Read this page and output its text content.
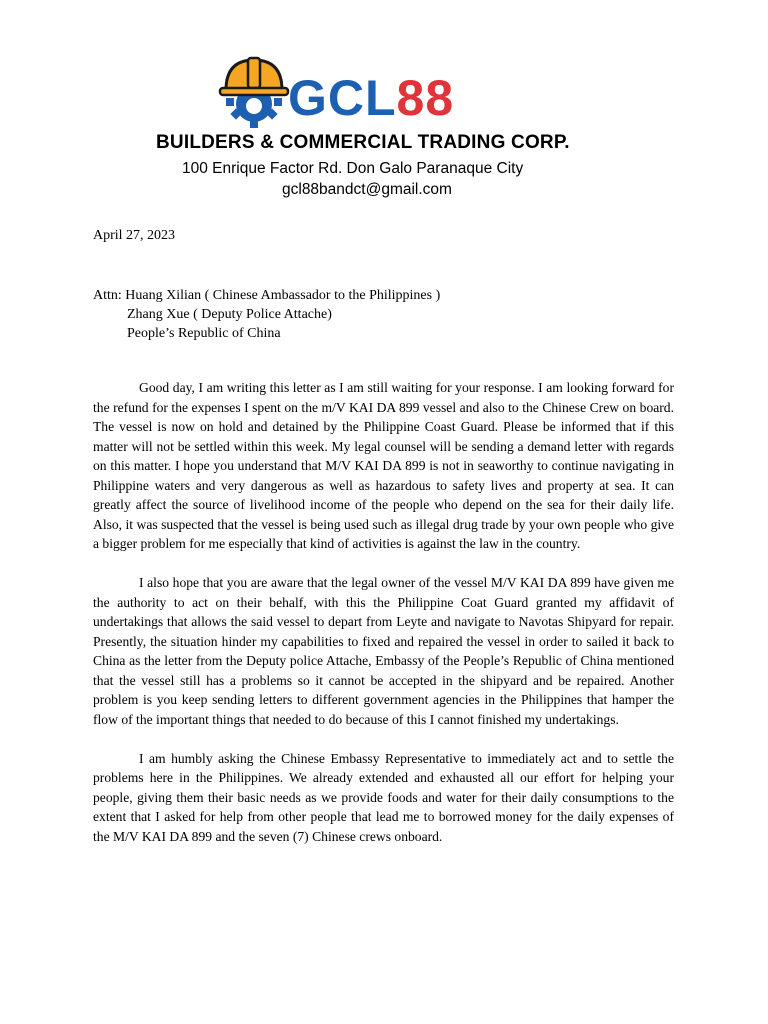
GCL88
BUILDERS & COMMERCIAL TRADING CORP.
100 Enrique Factor Rd. Don Galo Paranaque City
gcl88bandct@gmail.com
April 27, 2023
Attn: Huang Xilian ( Chinese Ambassador to the Philippines )
Zhang Xue ( Deputy Police Attache)
People’s Republic of China

Good day, I am writing this letter as I am still waiting for your response. I am looking forward for the refund for the expenses I spent on the m/V KAI DA 899 vessel and also to the Chinese Crew on board. The vessel is now on hold and detained by the Philippine Coast Guard. Please be informed that if this matter will not be settled within this week. My legal counsel will be sending a demand letter with regards on this matter. I hope you understand that M/V KAI DA 899 is not in seaworthy to continue navigating in Philippine waters and very dangerous as well as hazardous to safety lives and property at sea. It can greatly affect the source of livelihood income of the people who depend on the sea for their daily life. Also, it was suspected that the vessel is being used such as illegal drug trade by your own people who give a bigger problem for me especially that kind of activities is against the law in the country.

I also hope that you are aware that the legal owner of the vessel M/V KAI DA 899 have given me the authority to act on their behalf, with this the Philippine Coat Guard granted my affidavit of undertakings that allows the said vessel to depart from Leyte and navigate to Navotas Shipyard for repair. Presently, the situation hinder my capabilities to fixed and repaired the vessel in order to sailed it back to China as the letter from the Deputy police Attache, Embassy of the People’s Republic of China mentioned that the vessel still has a problems so it cannot be accepted in the shipyard and be repaired. Another problem is you keep sending letters to different government agencies in the Philippines that hamper the flow of the important things that needed to do because of this I cannot finished my undertakings.

I am humbly asking the Chinese Embassy Representative to immediately act and to settle the problems here in the Philippines. We already extended and exhausted all our effort for helping your people, giving them their basic needs as we provide foods and water for their daily consumptions to the extent that I asked for help from other people that lead me to borrowed money for the daily expenses of the M/V KAI DA 899 and the seven (7) Chinese crews onboard.
